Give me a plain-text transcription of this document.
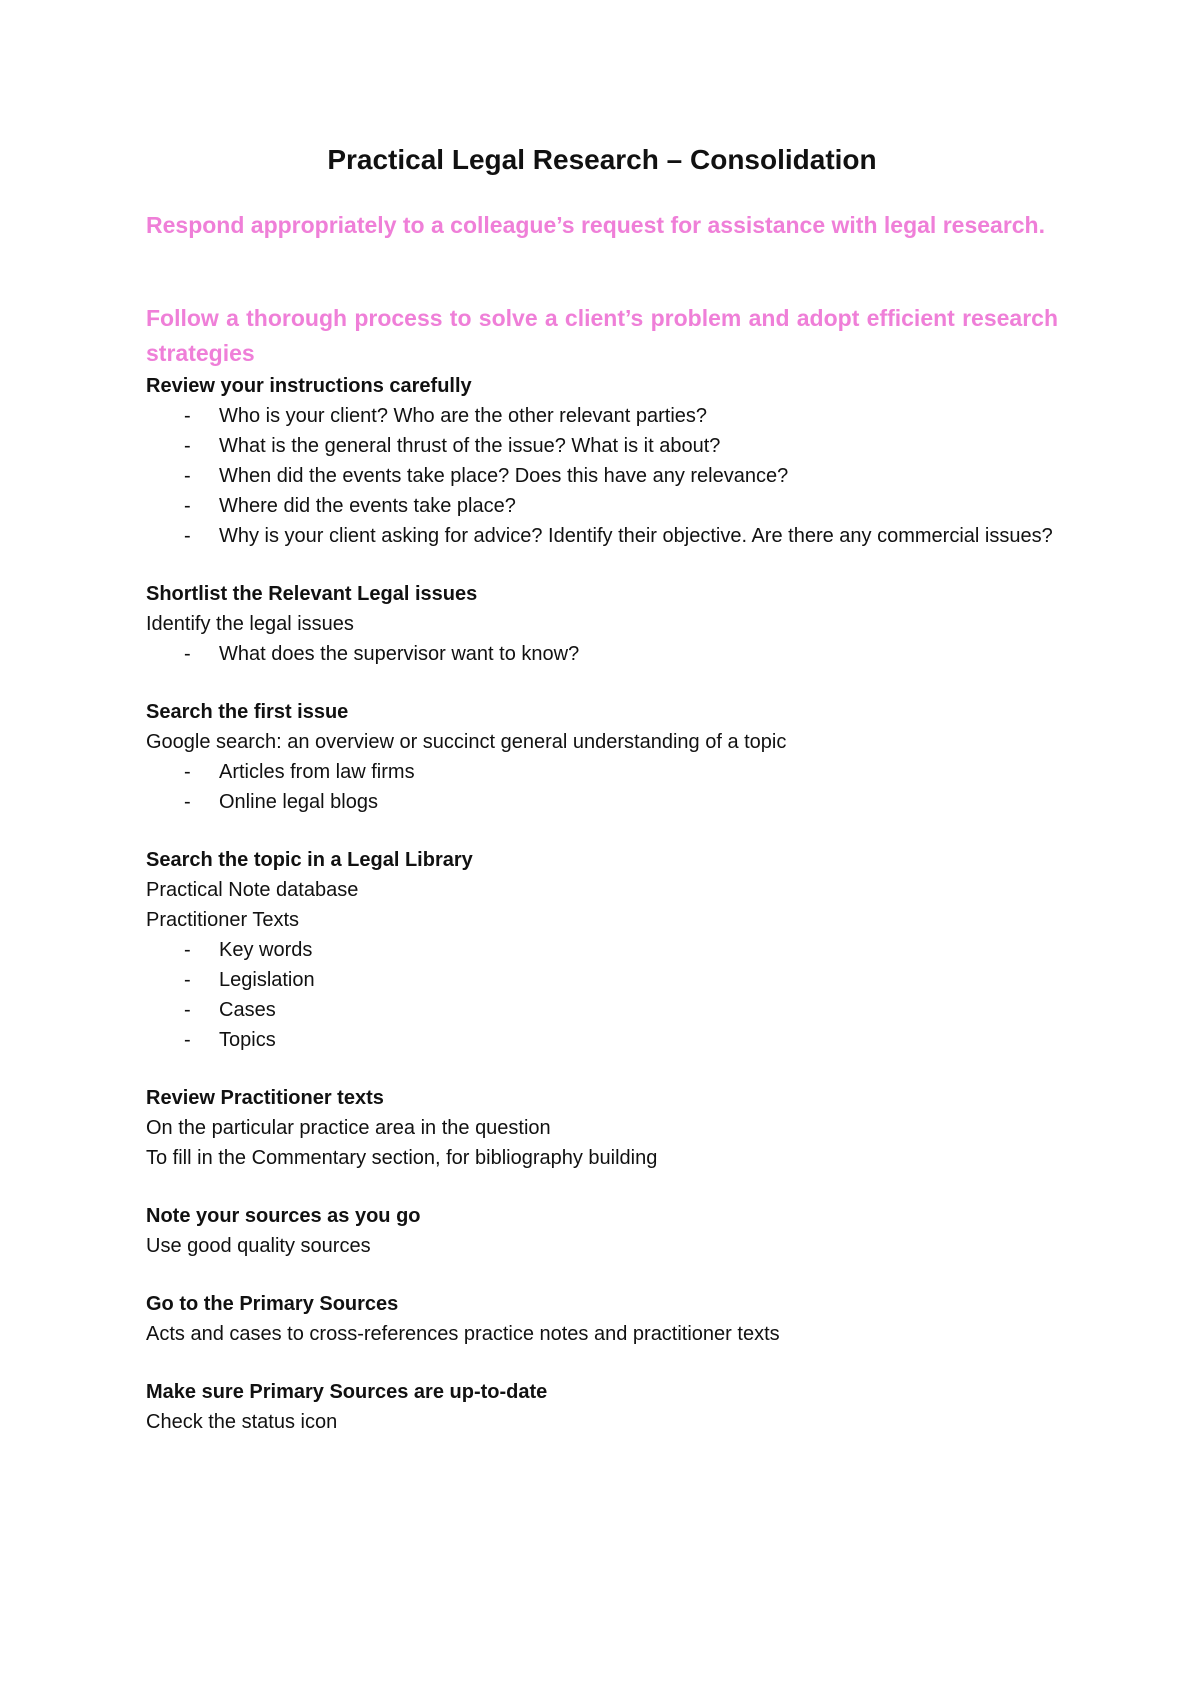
Practical Legal Research – Consolidation

Respond appropriately to a colleague’s request for assistance with legal research.

Follow a thorough process to solve a client’s problem and adopt efficient research strategies

Review your instructions carefully

- Who is your client? Who are the other relevant parties?
- What is the general thrust of the issue? What is it about?
- When did the events take place? Does this have any relevance?
- Where did the events take place?
- Why is your client asking for advice? Identify their objective. Are there any commercial issues?

Shortlist the Relevant Legal issues

Identify the legal issues

- What does the supervisor want to know?

Search the first issue

Google search: an overview or succinct general understanding of a topic

- Articles from law firms
- Online legal blogs

Search the topic in a Legal Library

Practical Note database

Practitioner Texts

- Key words
- Legislation
- Cases
- Topics

Review Practitioner texts

On the particular practice area in the question

To fill in the Commentary section, for bibliography building

Note your sources as you go

Use good quality sources

Go to the Primary Sources

Acts and cases to cross-references practice notes and practitioner texts

Make sure Primary Sources are up-to-date

Check the status icon
